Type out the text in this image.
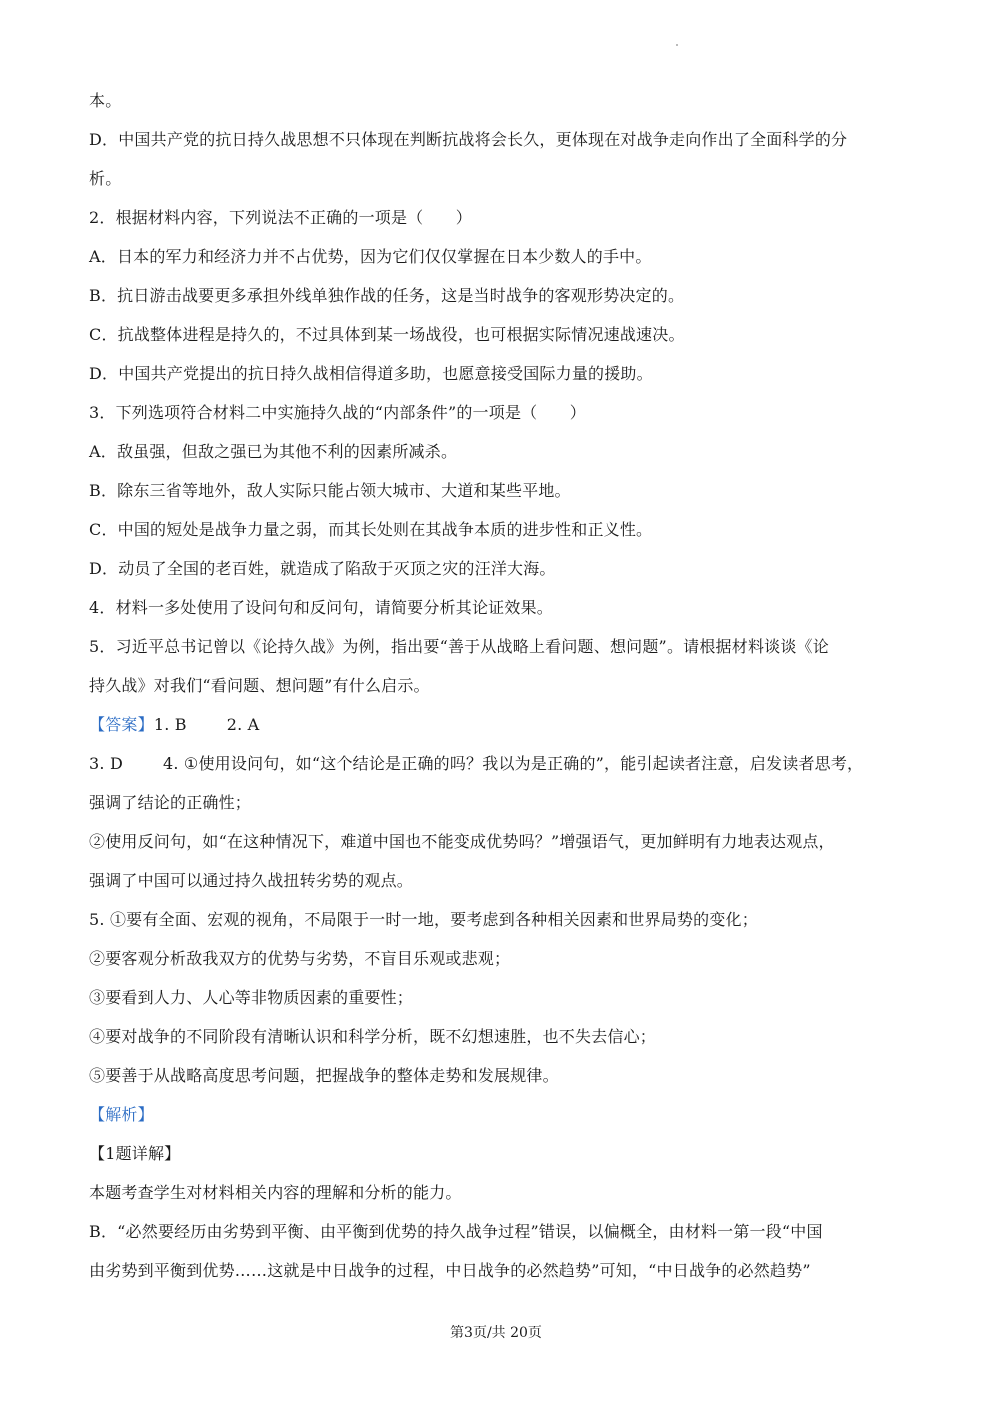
本。
D．中国共产党的抗日持久战思想不只体现在判断抗战将会长久，更体现在对战争走向作出了全面科学的分
析。
2．根据材料内容，下列说法不正确的一项是（　　）
A．日本的军力和经济力并不占优势，因为它们仅仅掌握在日本少数人的手中。
B．抗日游击战要更多承担外线单独作战的任务，这是当时战争的客观形势决定的。
C．抗战整体进程是持久的，不过具体到某一场战役，也可根据实际情况速战速决。
D．中国共产党提出的抗日持久战相信得道多助，也愿意接受国际力量的援助。
3．下列选项符合材料二中实施持久战的“内部条件”的一项是（　　）
A．敌虽强，但敌之强已为其他不利的因素所减杀。
B．除东三省等地外，敌人实际只能占领大城市、大道和某些平地。
C．中国的短处是战争力量之弱，而其长处则在其战争本质的进步性和正义性。
D．动员了全国的老百姓，就造成了陷敌于灭顶之灾的汪洋大海。
4．材料一多处使用了设问句和反问句，请简要分析其论证效果。
5．习近平总书记曾以《论持久战》为例，指出要“善于从战略上看问题、想问题”。请根据材料谈谈《论
持久战》对我们“看问题、想问题”有什么启示。
【答案】1. B	2. A
3. D	4. ①使用设问句，如“这个结论是正确的吗？我以为是正确的”，能引起读者注意，启发读者思考，
强调了结论的正确性；
②使用反问句，如“在这种情况下，难道中国也不能变成优势吗？”增强语气，更加鲜明有力地表达观点，
强调了中国可以通过持久战扭转劣势的观点。
5. ①要有全面、宏观的视角，不局限于一时一地，要考虑到各种相关因素和世界局势的变化；
②要客观分析敌我双方的优势与劣势，不盲目乐观或悲观；
③要看到人力、人心等非物质因素的重要性；
④要对战争的不同阶段有清晰认识和科学分析，既不幻想速胜，也不失去信心；
⑤要善于从战略高度思考问题，把握战争的整体走势和发展规律。
【解析】
【1题详解】
本题考查学生对材料相关内容的理解和分析的能力。
B．“必然要经历由劣势到平衡、由平衡到优势的持久战争过程”错误，以偏概全，由材料一第一段“中国
由劣势到平衡到优势……这就是中日战争的过程，中日战争的必然趋势”可知，“中日战争的必然趋势”
第3页/共 20页
